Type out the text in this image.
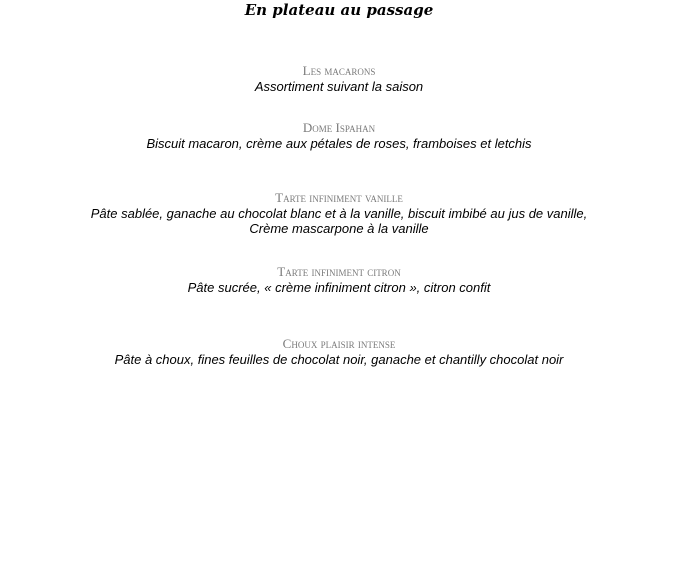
En plateau au passage

Les macarons

Assortiment suivant la saison

Dome Ispahan

Biscuit macaron, crème aux pétales de roses, framboises et letchis

Tarte infiniment vanille

Pâte sablée, ganache au chocolat blanc et à la vanille, biscuit imbibé au jus de vanille,
Crème mascarpone à la vanille

Tarte infiniment citron

Pâte sucrée, « crème infiniment citron », citron confit

Choux plaisir intense

Pâte à choux, fines feuilles de chocolat noir, ganache et chantilly chocolat noir
